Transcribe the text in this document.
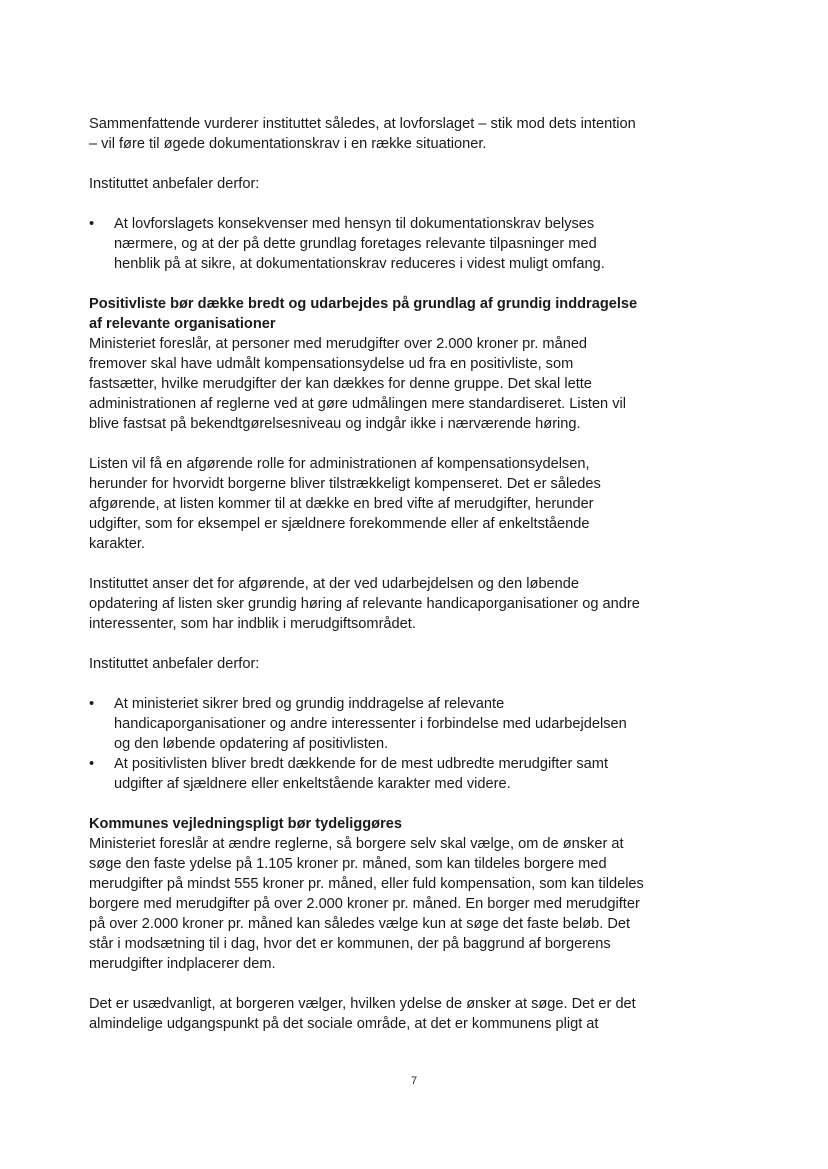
Sammenfattende vurderer instituttet således, at lovforslaget – stik mod dets intention – vil føre til øgede dokumentationskrav i en række situationer.

Instituttet anbefaler derfor:

• At lovforslagets konsekvenser med hensyn til dokumentationskrav belyses nærmere, og at der på dette grundlag foretages relevante tilpasninger med henblik på at sikre, at dokumentationskrav reduceres i videst muligt omfang.

Positivliste bør dække bredt og udarbejdes på grundlag af grundig inddragelse af relevante organisationer

Ministeriet foreslår, at personer med merudgifter over 2.000 kroner pr. måned fremover skal have udmålt kompensationsydelse ud fra en positivliste, som fastsætter, hvilke merudgifter der kan dækkes for denne gruppe. Det skal lette administrationen af reglerne ved at gøre udmålingen mere standardiseret. Listen vil blive fastsat på bekendtgørelsesniveau og indgår ikke i nærværende høring.

Listen vil få en afgørende rolle for administrationen af kompensationsydelsen, herunder for hvorvidt borgerne bliver tilstrækkeligt kompenseret. Det er således afgørende, at listen kommer til at dække en bred vifte af merudgifter, herunder udgifter, som for eksempel er sjældnere forekommende eller af enkeltstående karakter.

Instituttet anser det for afgørende, at der ved udarbejdelsen og den løbende opdatering af listen sker grundig høring af relevante handicaporganisationer og andre interessenter, som har indblik i merudgiftsområdet.

Instituttet anbefaler derfor:

• At ministeriet sikrer bred og grundig inddragelse af relevante handicaporganisationer og andre interessenter i forbindelse med udarbejdelsen og den løbende opdatering af positivlisten.
• At positivlisten bliver bredt dækkende for de mest udbredte merudgifter samt udgifter af sjældnere eller enkeltstående karakter med videre.

Kommunes vejledningspligt bør tydeliggøres

Ministeriet foreslår at ændre reglerne, så borgere selv skal vælge, om de ønsker at søge den faste ydelse på 1.105 kroner pr. måned, som kan tildeles borgere med merudgifter på mindst 555 kroner pr. måned, eller fuld kompensation, som kan tildeles borgere med merudgifter på over 2.000 kroner pr. måned. En borger med merudgifter på over 2.000 kroner pr. måned kan således vælge kun at søge det faste beløb. Det står i modsætning til i dag, hvor det er kommunen, der på baggrund af borgerens merudgifter indplacerer dem.

Det er usædvanligt, at borgeren vælger, hvilken ydelse de ønsker at søge. Det er det almindelige udgangspunkt på det sociale område, at det er kommunens pligt at

7
